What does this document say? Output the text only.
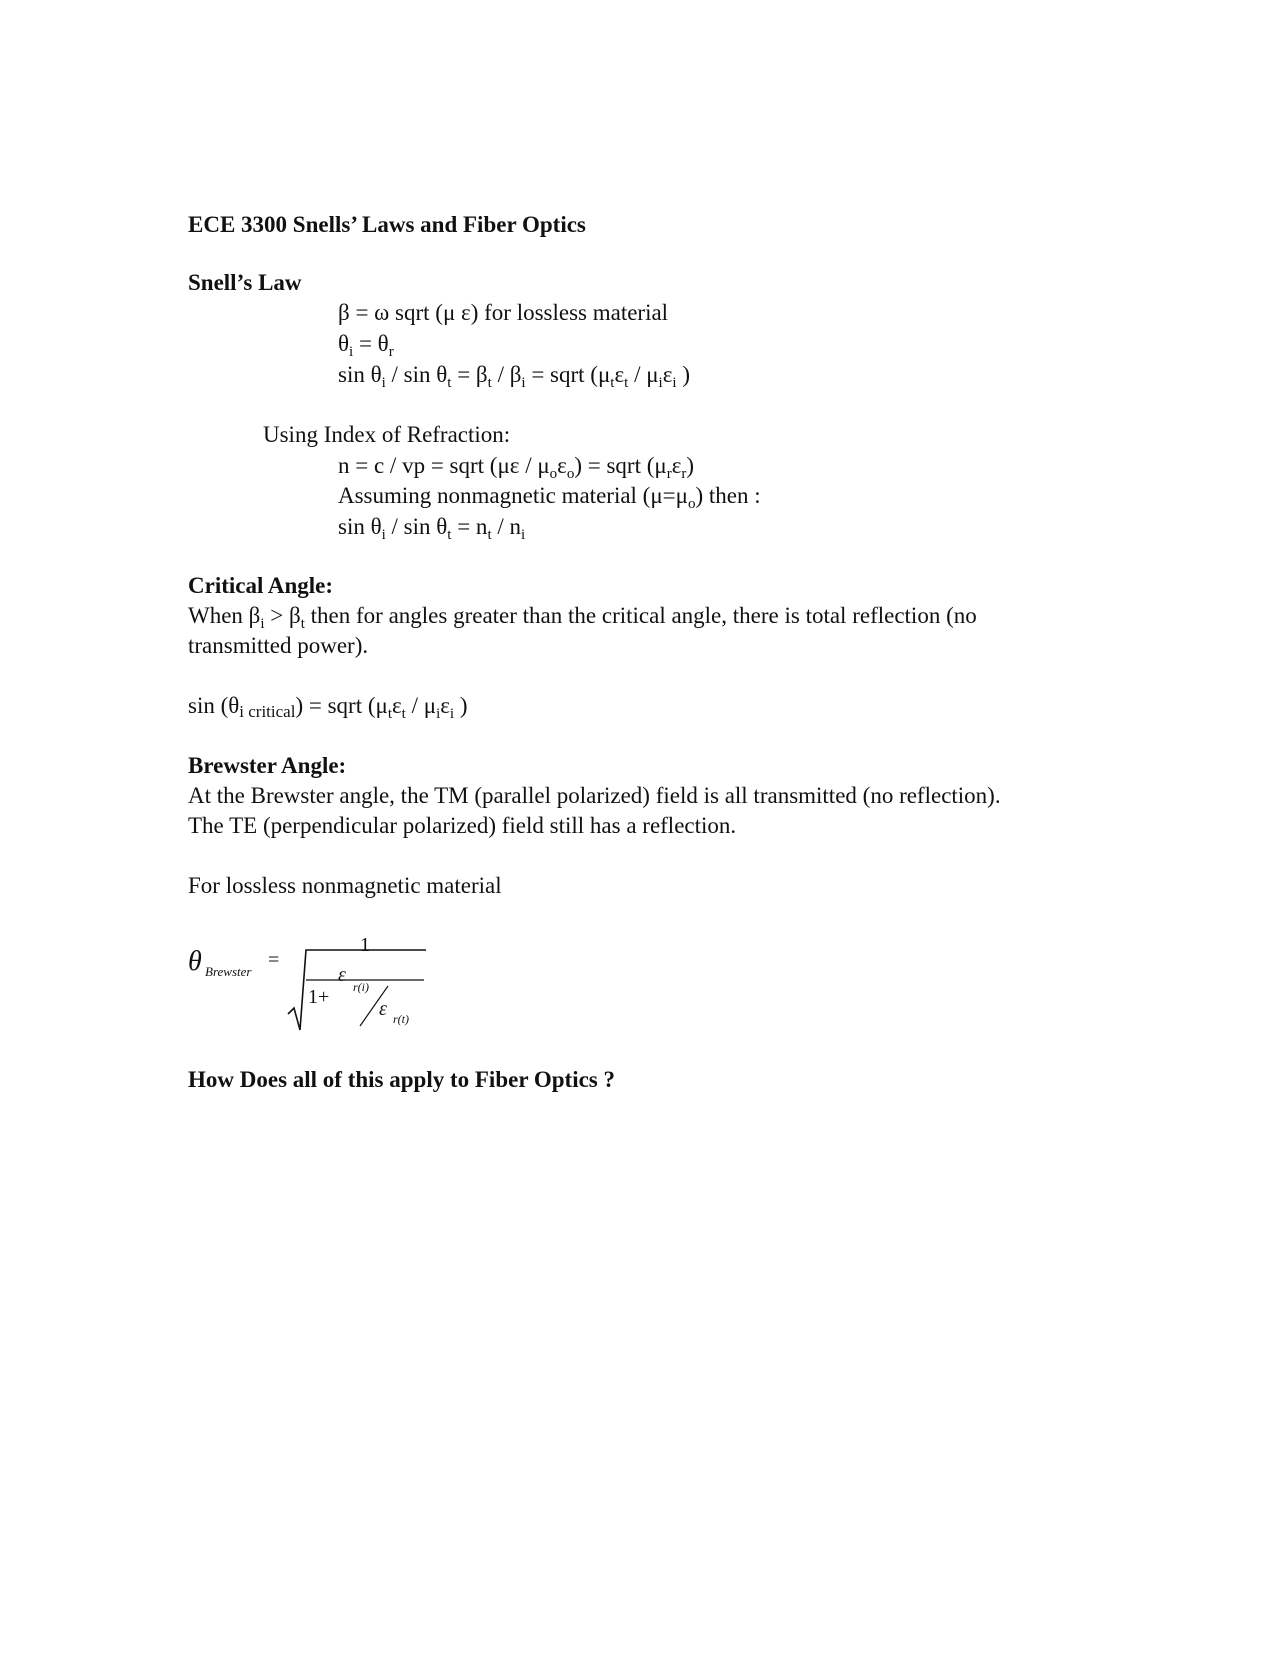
ECE 3300 Snells’ Laws and Fiber Optics
Snell’s Law
β = ω sqrt (μ ε) for lossless material
$\theta_i = \theta_r$
$\sin \theta_i / \sin \theta_t = \beta_t / \beta_i$ = sqrt ($\mu_t\varepsilon_t / \mu_i\varepsilon_i$ )
Using Index of Refraction:
n = c / vp = sqrt $(\mu\varepsilon / \mu_o\varepsilon_o)$ = sqrt $(\mu_r\varepsilon_r)$
Assuming nonmagnetic material $(\mu=\mu_o)$ then :
$\sin \theta_i / \sin \theta_t = n_t / n_i$
Critical Angle:
When $\beta_i > \beta_t$ then for angles greater than the critical angle, there is total reflection (no
transmitted power).
sin (θi critical) = sqrt ($\mu_t\varepsilon_t / \mu_i\varepsilon_i$ )
Brewster Angle:
At the Brewster angle, the TM (parallel polarized) field is all transmitted (no reflection).
The TE (perpendicular polarized) field still has a reflection.
For lossless nonmagnetic material
θ Brewster
=
1
1+
ε
r(i)
ε r(t)
How Does all of this apply to Fiber Optics ?
